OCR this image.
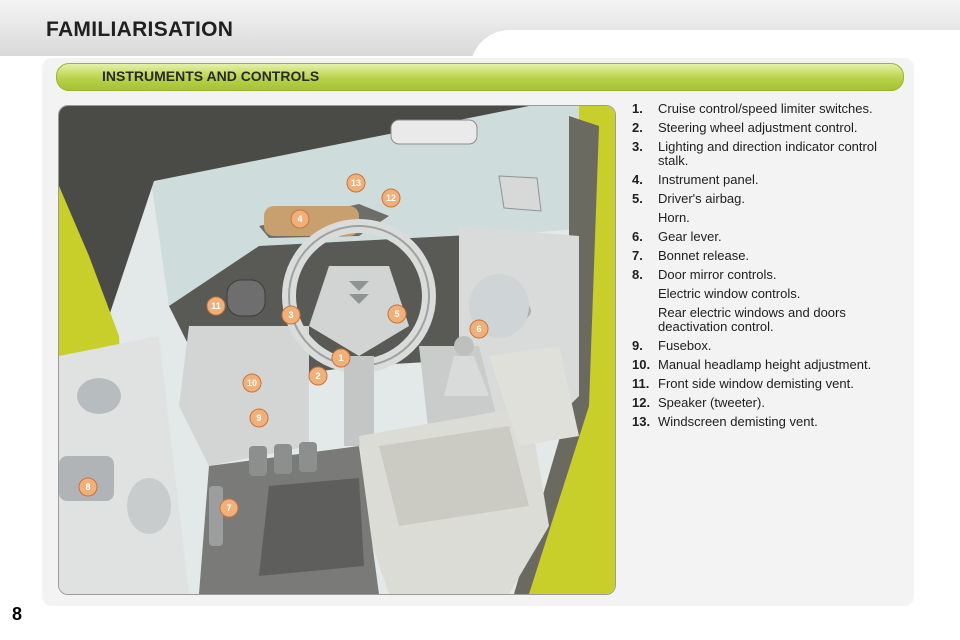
FAMILIARISATION
INSTRUMENTS AND CONTROLS
1
2
3
4
5
6
7
8
9
10
11
12
13
1.	Cruise control/speed limiter switches.
2.	Steering wheel adjustment control.
3.	Lighting and direction indicator control stalk.
4.	Instrument panel.
5.	Driver's airbag.
Horn.
6.	Gear lever.
7.	Bonnet release.
8.	Door mirror controls.
Electric window controls.
Rear electric windows and doors deactivation control.
9.	Fusebox.
10. Manual headlamp height adjustment.
11. Front side window demisting vent.
12. Speaker (tweeter).
13. Windscreen demisting vent.
8
